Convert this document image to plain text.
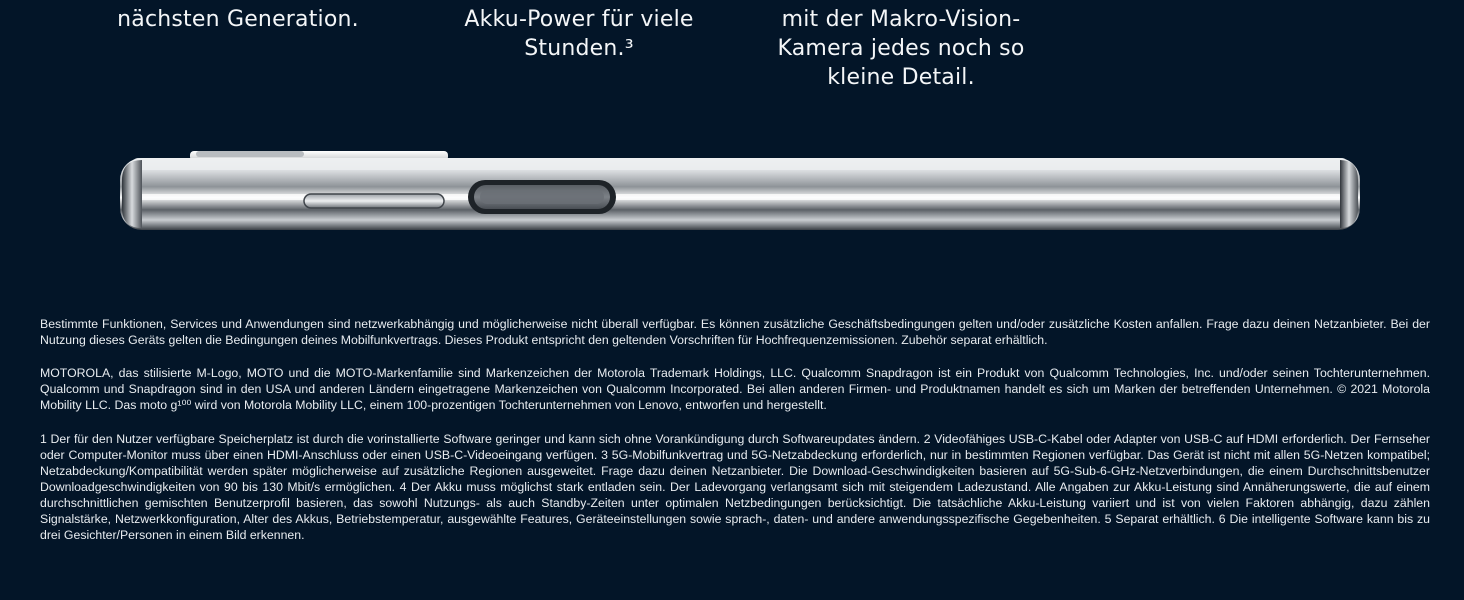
nächsten Generation.	Akku-Power für viele
Stunden.³
mit der Makro-Vision-
Kamera jedes noch so
kleine Detail.

Bestimmte Funktionen, Services und Anwendungen sind netzwerkabhängig und möglicherweise nicht überall verfügbar. Es können zusätzliche Geschäftsbedingungen gelten und/oder zusätzliche Kosten anfallen. Frage dazu deinen Netzanbieter. Bei der Nutzung dieses Geräts gelten die Bedingungen deines Mobilfunkvertrags. Dieses Produkt entspricht den geltenden Vorschriften für Hochfrequenzemissionen. Zubehör separat erhältlich.

MOTOROLA, das stilisierte M-Logo, MOTO und die MOTO-Markenfamilie sind Markenzeichen der Motorola Trademark Holdings, LLC. Qualcomm Snapdragon ist ein Produkt von Qualcomm Technologies, Inc. und/oder seinen Tochterunternehmen. Qualcomm und Snapdragon sind in den USA und anderen Ländern eingetragene Markenzeichen von Qualcomm Incorporated. Bei allen anderen Firmen- und Produktnamen handelt es sich um Marken der betreffenden Unternehmen. © 2021 Motorola Mobility LLC. Das moto g¹⁰⁰ wird von Motorola Mobility LLC, einem 100-prozentigen Tochterunternehmen von Lenovo, entworfen und hergestellt.

1 Der für den Nutzer verfügbare Speicherplatz ist durch die vorinstallierte Software geringer und kann sich ohne Vorankündigung durch Softwareupdates ändern. 2 Videofähiges USB-C-Kabel oder Adapter von USB-C auf HDMI erforderlich. Der Fernseher oder Computer-Monitor muss über einen HDMI-Anschluss oder einen USB-C-Videoeingang verfügen. 3 5G-Mobilfunkvertrag und 5G-Netzabdeckung erforderlich, nur in bestimmten Regionen verfügbar. Das Gerät ist nicht mit allen 5G-Netzen kompatibel; Netzabdeckung/Kompatibilität werden später möglicherweise auf zusätzliche Regionen ausgeweitet. Frage dazu deinen Netzanbieter. Die Download-Geschwindigkeiten basieren auf 5G-Sub-6-GHz-Netzverbindungen, die einem Durchschnittsbenutzer Downloadgeschwindigkeiten von 90 bis 130 Mbit/s ermöglichen. 4 Der Akku muss möglichst stark entladen sein. Der Ladevorgang verlangsamt sich mit steigendem Ladezustand. Alle Angaben zur Akku-Leistung sind Annäherungswerte, die auf einem durchschnittlichen gemischten Benutzerprofil basieren, das sowohl Nutzungs- als auch Standby-Zeiten unter optimalen Netzbedingungen berücksichtigt. Die tatsächliche Akku-Leistung variiert und ist von vielen Faktoren abhängig, dazu zählen Signalstärke, Netzwerkkonfiguration, Alter des Akkus, Betriebstemperatur, ausgewählte Features, Geräteeinstellungen sowie sprach-, daten- und andere anwendungsspezifische Gegebenheiten. 5 Separat erhältlich. 6 Die intelligente Software kann bis zu drei Gesichter/Personen in einem Bild erkennen.
